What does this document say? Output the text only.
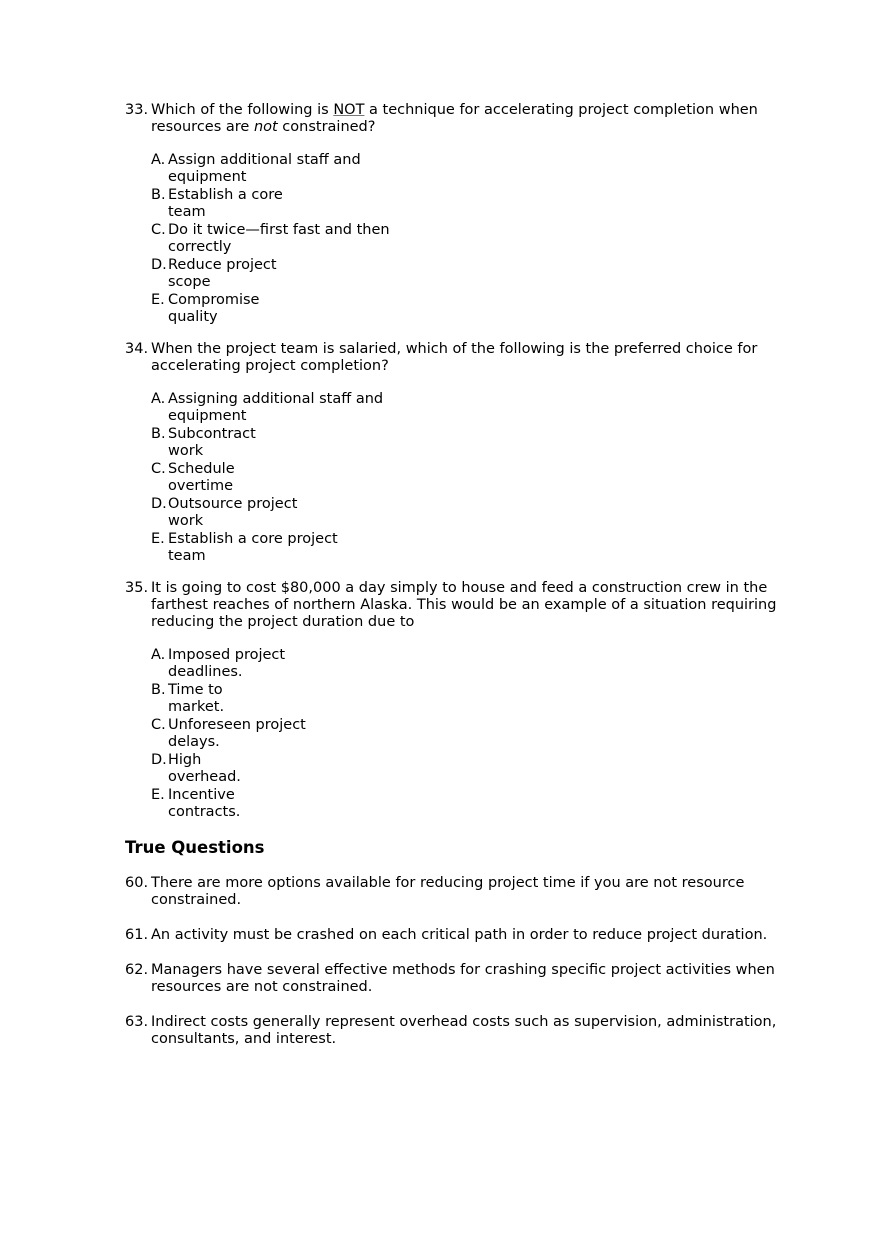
33. Which of the following is NOT a technique for accelerating project completion when resources are not constrained?

A. Assign additional staff and
equipment
B. Establish a core
team
C. Do it twice—first fast and then
correctly
D. Reduce project
scope
E. Compromise
quality
34. When the project team is salaried, which of the following is the preferred choice for accelerating project completion?

A. Assigning additional staff and
equipment
B. Subcontract
work
C. Schedule
overtime
D. Outsource project
work
E. Establish a core project
team
35. It is going to cost $80,000 a day simply to house and feed a construction crew in the farthest reaches of northern Alaska. This would be an example of a situation requiring reducing the project duration due to

A. Imposed project
deadlines.
B. Time to
market.
C. Unforeseen project
delays.
D. High
overhead.
E. Incentive
contracts.
True Questions
60. There are more options available for reducing project time if you are not resource constrained.
61. An activity must be crashed on each critical path in order to reduce project duration.
62. Managers have several effective methods for crashing specific project activities when resources are not constrained.
63. Indirect costs generally represent overhead costs such as supervision, administration, consultants, and interest.
